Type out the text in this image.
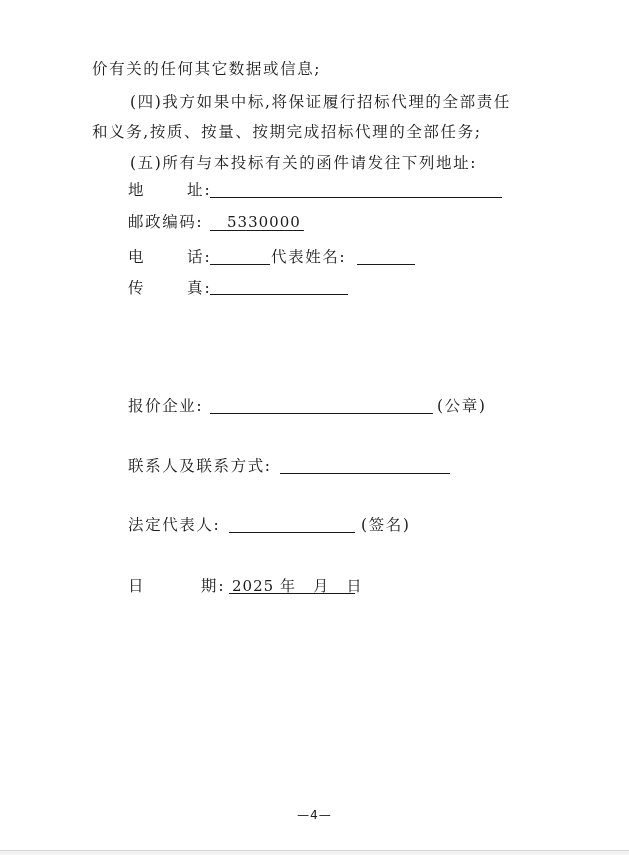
价有关的任何其它数据或信息;
(四)我方如果中标,将保证履行招标代理的全部责任
和义务,按质、按量、按期完成招标代理的全部任务;
(五)所有与本投标有关的函件请发往下列地址:
地      址:
邮政编码: 5330000
电      话:	代表姓名:
传      真:
报价企业:	(公章)
联系人及联系方式:
法定代表人:	(签名)
日        期: 2025 年   月   日
—4—
